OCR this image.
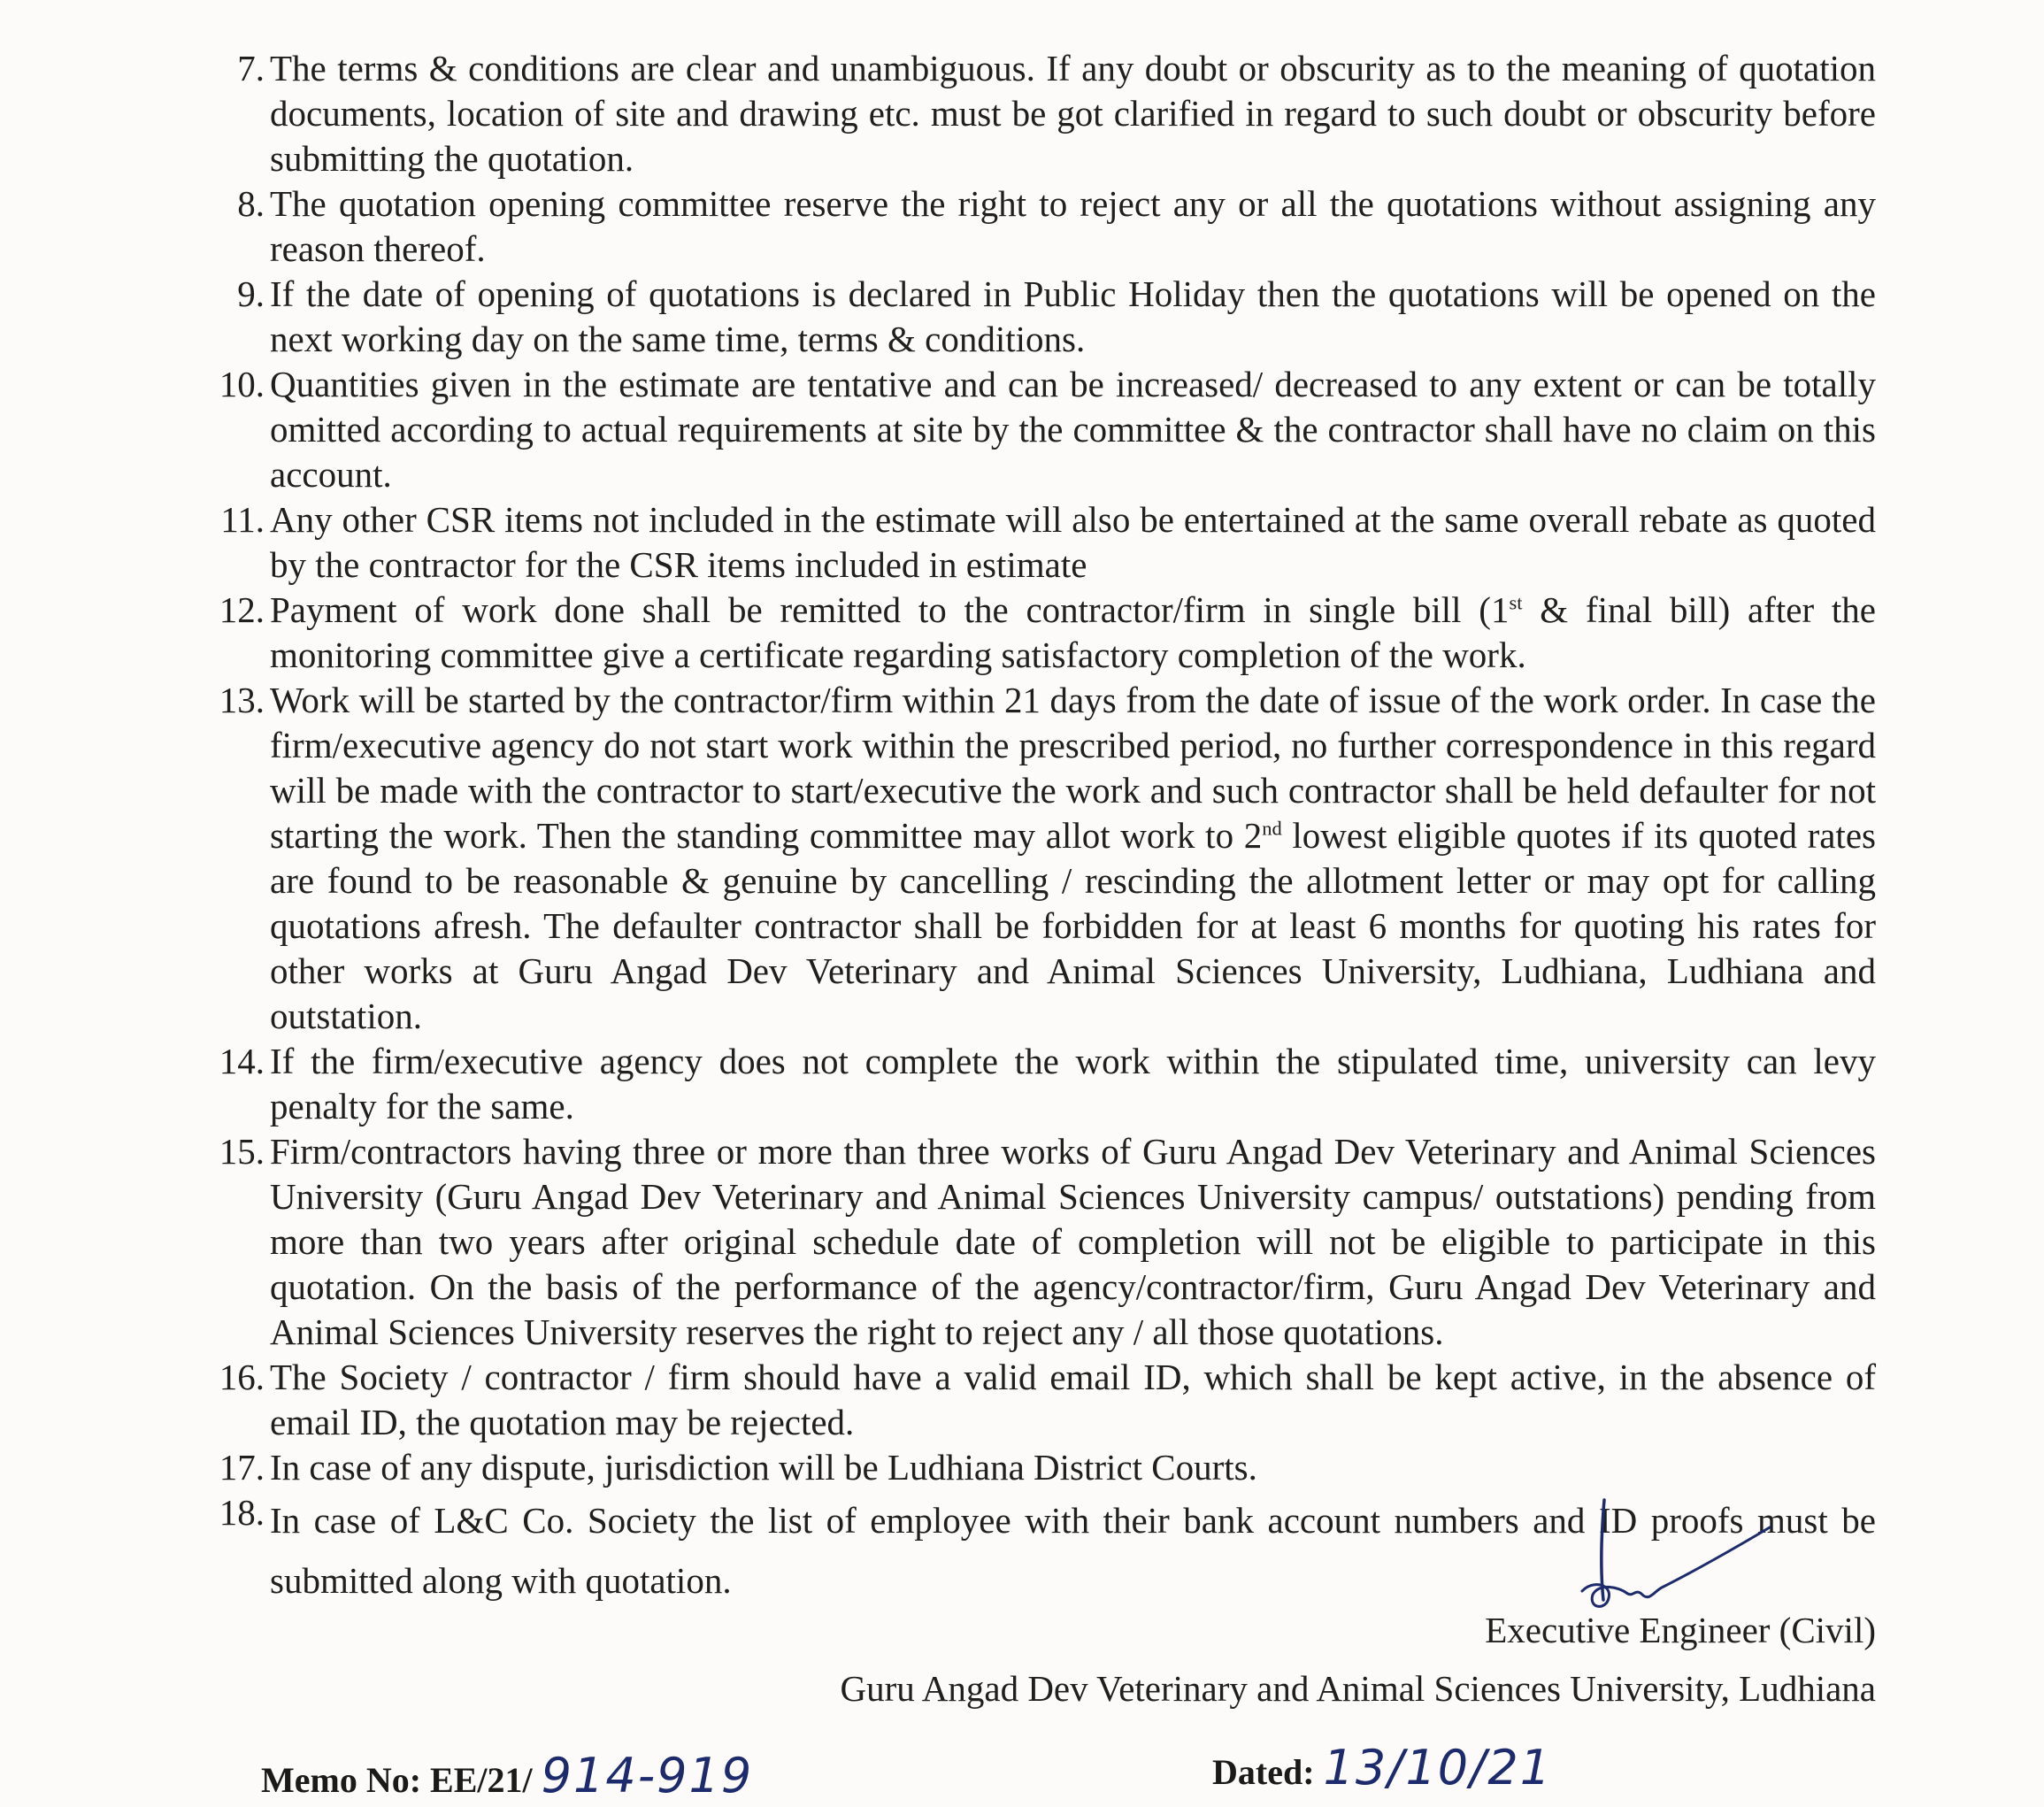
7. The terms & conditions are clear and unambiguous. If any doubt or obscurity as to the meaning of quotation documents, location of site and drawing etc. must be got clarified in regard to such doubt or obscurity before submitting the quotation.
8. The quotation opening committee reserve the right to reject any or all the quotations without assigning any reason thereof.
9. If the date of opening of quotations is declared in Public Holiday then the quotations will be opened on the next working day on the same time, terms & conditions.
10. Quantities given in the estimate are tentative and can be increased/ decreased to any extent or can be totally omitted according to actual requirements at site by the committee & the contractor shall have no claim on this account.
11. Any other CSR items not included in the estimate will also be entertained at the same overall rebate as quoted by the contractor for the CSR items included in estimate
12. Payment of work done shall be remitted to the contractor/firm in single bill (1st & final bill) after the monitoring committee give a certificate regarding satisfactory completion of the work.
13. Work will be started by the contractor/firm within 21 days from the date of issue of the work order. In case the firm/executive agency do not start work within the prescribed period, no further correspondence in this regard will be made with the contractor to start/executive the work and such contractor shall be held defaulter for not starting the work. Then the standing committee may allot work to 2nd lowest eligible quotes if its quoted rates are found to be reasonable & genuine by cancelling / rescinding the allotment letter or may opt for calling quotations afresh. The defaulter contractor shall be forbidden for at least 6 months for quoting his rates for other works at Guru Angad Dev Veterinary and Animal Sciences University, Ludhiana, Ludhiana and outstation.
14. If the firm/executive agency does not complete the work within the stipulated time, university can levy penalty for the same.
15. Firm/contractors having three or more than three works of Guru Angad Dev Veterinary and Animal Sciences University (Guru Angad Dev Veterinary and Animal Sciences University campus/ outstations) pending from more than two years after original schedule date of completion will not be eligible to participate in this quotation. On the basis of the performance of the agency/contractor/firm, Guru Angad Dev Veterinary and Animal Sciences University reserves the right to reject any / all those quotations.
16. The Society / contractor / firm should have a valid email ID, which shall be kept active, in the absence of email ID, the quotation may be rejected.
17. In case of any dispute, jurisdiction will be Ludhiana District Courts.
18. In case of L&C Co. Society the list of employee with their bank account numbers and ID proofs must be submitted along with quotation.
Executive Engineer (Civil)
Guru Angad Dev Veterinary and Animal Sciences University, Ludhiana
Memo No: EE/21/ 914-919	Dated: 13/10/21
